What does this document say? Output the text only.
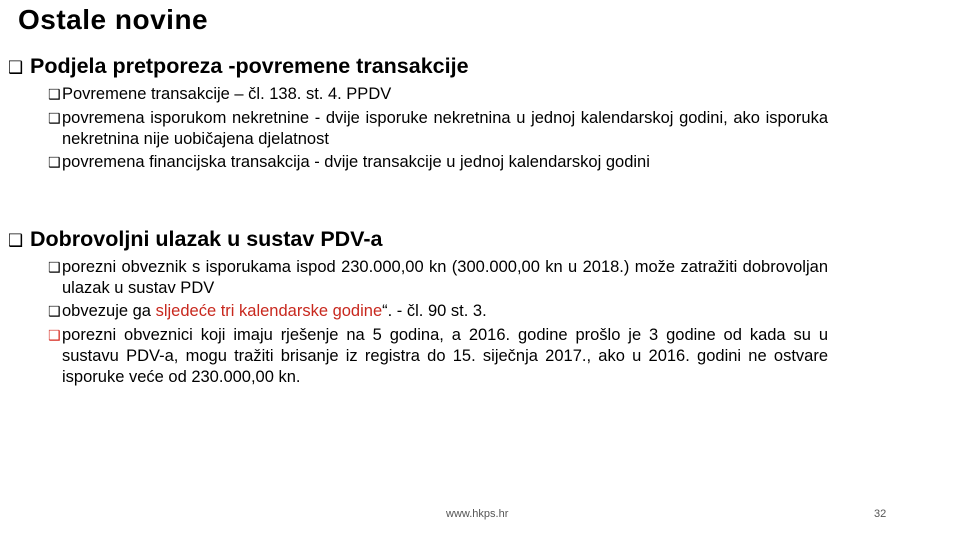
Ostale novine
❑ Podjela pretporeza -povremene transakcije
❑ Povremene transakcije – čl. 138. st. 4. PPDV
❑ povremena isporukom nekretnine - dvije isporuke nekretnina u jednoj kalendarskoj godini, ako isporuka nekretnina nije uobičajena djelatnost
❑ povremena financijska transakcija - dvije transakcije u jednoj kalendarskoj godini
❑ Dobrovoljni ulazak u sustav PDV-a
❑ porezni obveznik s isporukama ispod 230.000,00 kn (300.000,00 kn u 2018.) može zatražiti dobrovoljan ulazak u sustav PDV
❑ obvezuje ga sljedeće tri kalendarske godine“. - čl. 90 st. 3.
❑ porezni obveznici koji imaju rješenje na 5 godina, a 2016. godine prošlo je 3 godine od kada su u sustavu PDV-a, mogu tražiti brisanje iz registra do 15. siječnja 2017., ako u 2016. godini ne ostvare isporuke veće od 230.000,00 kn.
www.hkps.hr	32
